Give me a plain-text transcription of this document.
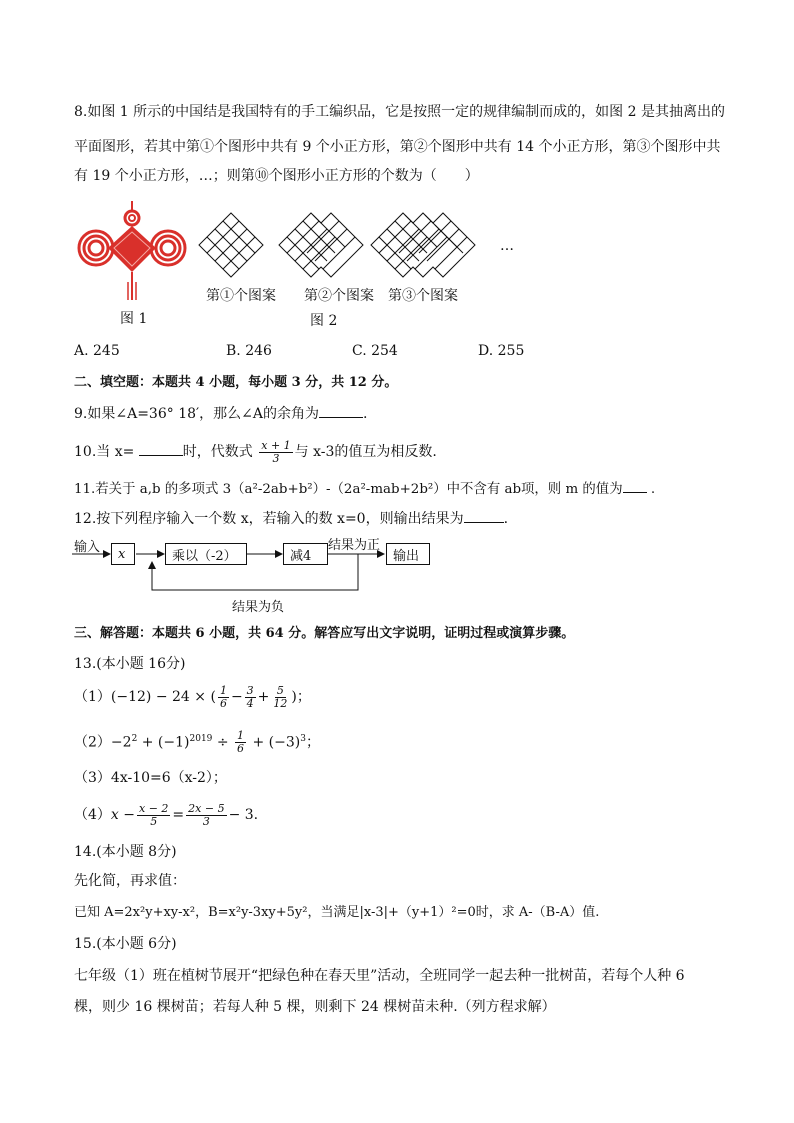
8.如图 1 所示的中国结是我国特有的手工编织品，它是按照一定的规律编制而成的，如图 2 是其抽离出的
平面图形，若其中第①个图形中共有 9 个小正方形，第②个图形中共有 14 个小正方形，第③个图形中共
有 19 个小正方形，…；则第⑩个图形小正方形的个数为（　　）
图 1
…
第①个图案 第②个图案 第③个图案
图 2
A. 245	B. 246	C. 254	D. 255
二、填空题：本题共 4 小题，每小题 3 分，共 12 分。
9.如果∠A=36° 18′，那么∠A的余角为	.
10.当 x=	时，代数式 $\frac{x + 1}{3}$ 与 x-3的值互为相反数.
11.若关于 a,b 的多项式 3（a²-2ab+b²）-（2a²-mab+2b²）中不含有 ab项，则 m 的值为 .
12.按下列程序输入一个数 x，若输入的数 x=0，则输出结果为	.
输入	x	乘以（-2）	减4
结果为正
输出
结果为负
三、解答题：本题共 6 小题，共 64 分。解答应写出文字说明，证明过程或演算步骤。
13.(本小题 16分)
（1）(−12) − 24 × ( $\frac{1}{6} - \frac{3}{4} + \frac{5}{12}$ )；
$(2)-2^2 + (-1)^{2019} \div \frac{1}{6} + (-3)^3$；
（3）4x-10=6（x-2）；
$(4)x - \frac{x - 2}{5} = \frac{2x - 5}{3} - 3$.
14.(本小题 8分)
先化简，再求值：
已知 A=2x²y+xy-x²，B=x²y-3xy+5y²，当满足|x-3|+（y+1）²=0时，求 A-（B-A）值.
15.(本小题 6分)
七年级（1）班在植树节展开“把绿色种在春天里”活动，全班同学一起去种一批树苗，若每个人种 6
棵，则少 16 棵树苗；若每人种 5 棵，则剩下 24 棵树苗未种.（列方程求解）
